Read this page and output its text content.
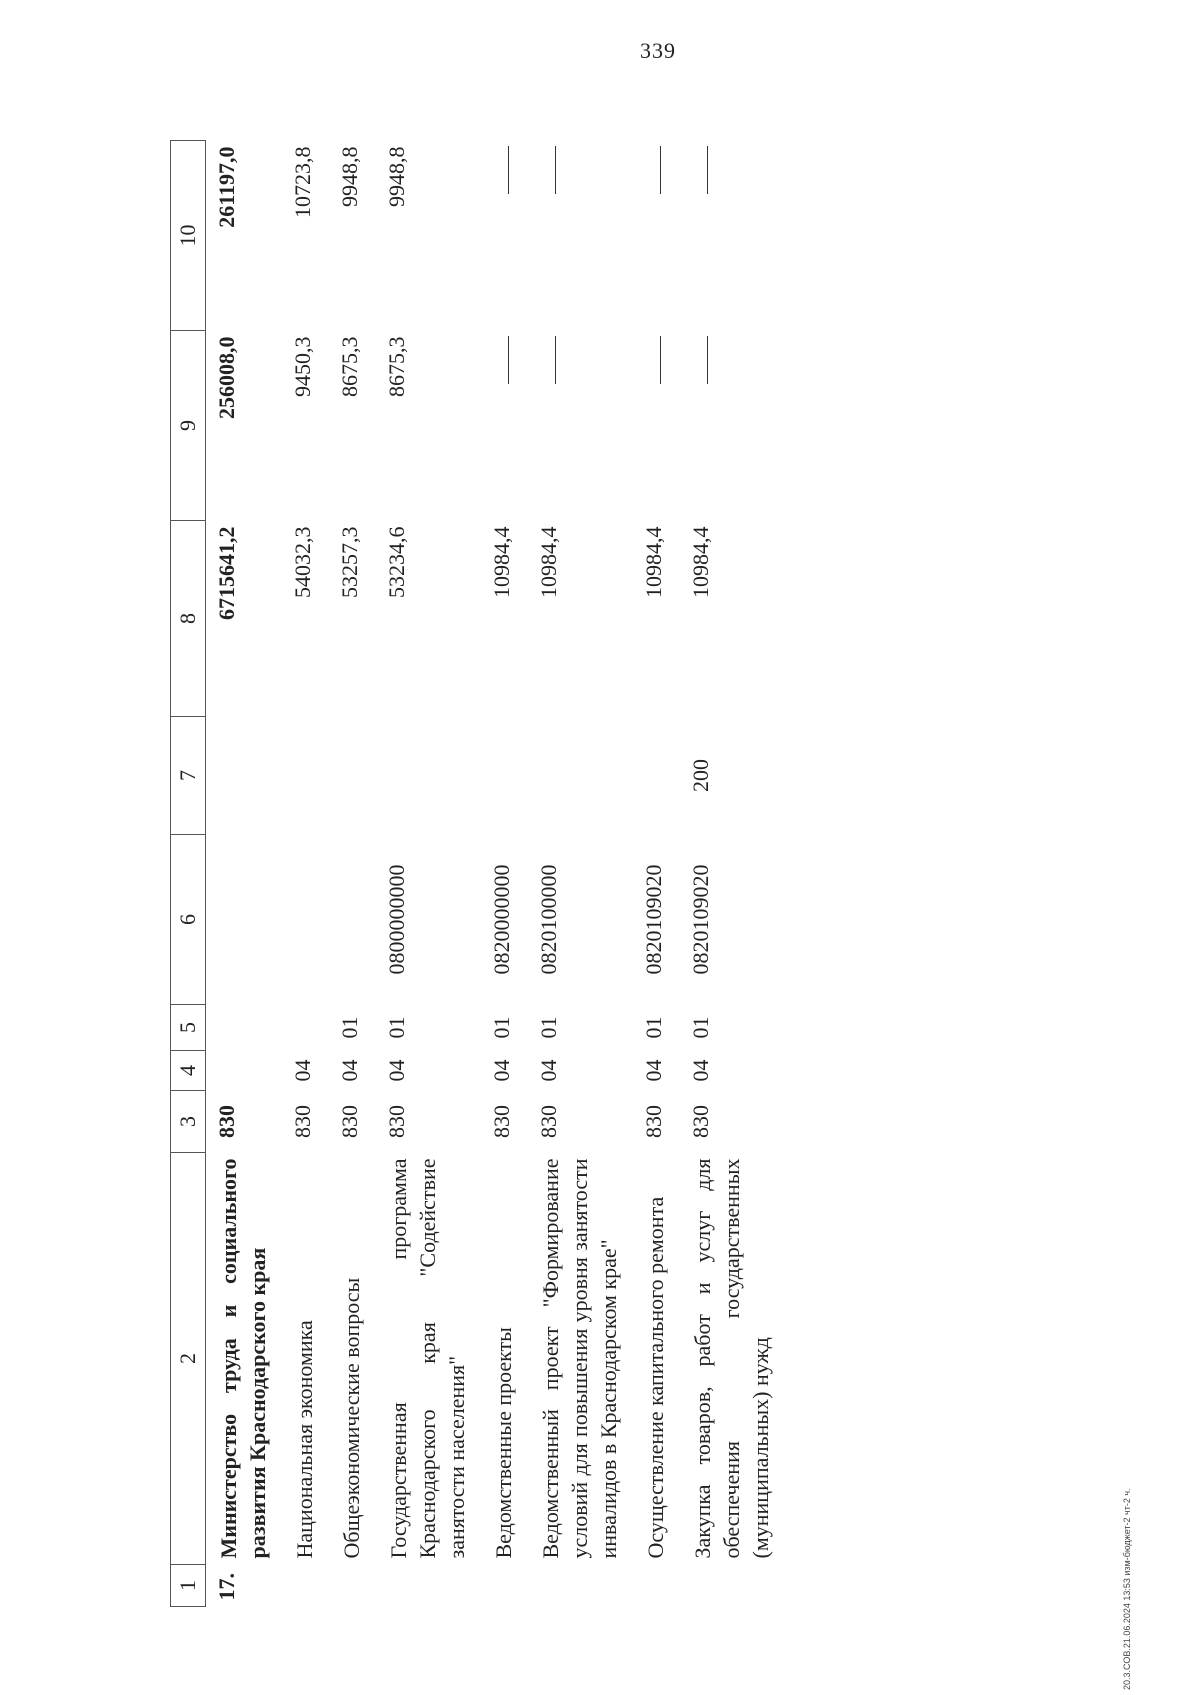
339
1	2	3	4	5	6	7	8	9	10
17.	Министерство труда и социального развития Краснодарского края	830					6715641,2	256008,0	261197,0
	Национальная экономика	830	04				54032,3	9450,3	10723,8
	Общеэкономические вопросы	830	04	01			53257,3	8675,3	9948,8
	Государственная программа Краснодарского края "Содействие занятости населения"	830	04	01	0800000000		53234,6	8675,3	9948,8
	Ведомственные проекты	830	04	01	0820000000		10984,4		
	Ведомственный проект "Формирование условий для повышения уровня занятости инвалидов в Краснодарском крае"	830	04	01	0820100000		10984,4		
	Осуществление капитального ремонта	830	04	01	0820109020		10984,4		
	Закупка товаров, работ и услуг для обеспечения государственных (муниципальных) нужд	830	04	01	0820109020	200	10984,4		
20.3.СОВ.21.06.2024 13:53 изм-бюджет-2 чт-2 ч.
